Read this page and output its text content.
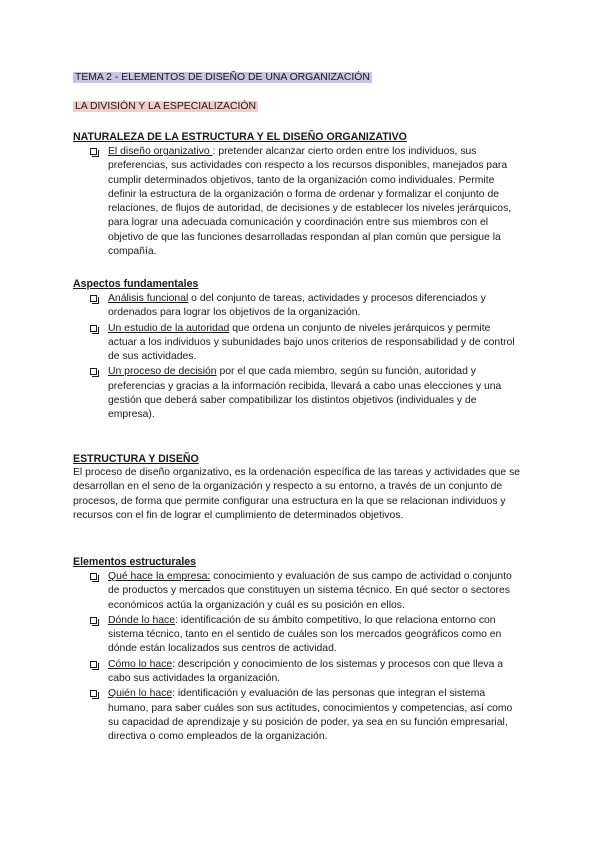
TEMA 2 - ELEMENTOS DE DISEÑO DE UNA ORGANIZACIÓN
LA DIVISIÓN Y LA ESPECIALIZACIÓN
NATURALEZA DE LA ESTRUCTURA Y EL DISEÑO ORGANIZATIVO
El diseño organizativo : pretender alcanzar cierto orden entre los individuos, sus preferencias, sus actividades con respecto a los recursos disponibles, manejados para cumplir determinados objetivos, tanto de la organización como individuales. Permite definir la estructura de la organización o forma de ordenar y formalizar el conjunto de relaciones, de flujos de autoridad, de decisiones y de establecer los niveles jerárquicos, para lograr una adecuada comunicación y coordinación entre sus miembros con el objetivo de que las funciones desarrolladas respondan al plan común que persigue la compañía.
Aspectos fundamentales
Análisis funcional o del conjunto de tareas, actividades y procesos diferenciados y ordenados para lograr los objetivos de la organización.
Un estudio de la autoridad que ordena un conjunto de niveles jerárquicos y permite actuar a los individuos y subunidades bajo unos criterios de responsabilidad y de control de sus actividades.
Un proceso de decisión por el que cada miembro, según su función, autoridad y preferencias y gracias a la información recibida, llevará a cabo unas elecciones y una gestión que deberá saber compatibilizar los distintos objetivos (individuales y de empresa).
ESTRUCTURA Y DISEÑO
El proceso de diseño organizativo, es la ordenación específica de las tareas y actividades que se desarrollan en el seno de la organización y respecto a su entorno, a través de un conjunto de procesos, de forma que permite configurar una estructura en la que se relacionan individuos y recursos con el fin de lograr el cumplimiento de determinados objetivos.
Elementos estructurales
Qué hace la empresa: conocimiento y evaluación de sus campo de actividad o conjunto de productos y mercados que constituyen un sistema técnico. En qué sector o sectores económicos actúa la organización y cuál es su posición en ellos.
Dónde lo hace: identificación de su ámbito competitivo, lo que relaciona entorno con sistema técnico, tanto en el sentido de cuáles son los mercados geográficos como en dónde están localizados sus centros de actividad.
Cómo lo hace: descripción y conocimiento de los sistemas y procesos con que lleva a cabo sus actividades la organización.
Quién lo hace: identificación y evaluación de las personas que integran el sistema humano, para saber cuáles son sus actitudes, conocimientos y competencias, así como su capacidad de aprendizaje y su posición de poder, ya sea en su función empresarial, directiva o como empleados de la organización.
